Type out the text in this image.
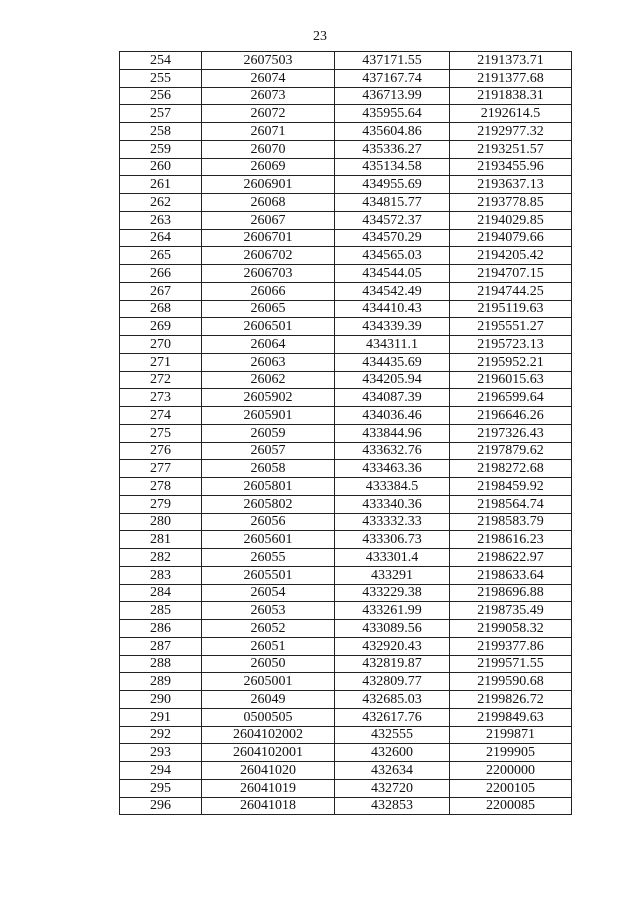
23
254	2607503	437171.55	2191373.71
255	26074	437167.74	2191377.68
256	26073	436713.99	2191838.31
257	26072	435955.64	2192614.5
258	26071	435604.86	2192977.32
259	26070	435336.27	2193251.57
260	26069	435134.58	2193455.96
261	2606901	434955.69	2193637.13
262	26068	434815.77	2193778.85
263	26067	434572.37	2194029.85
264	2606701	434570.29	2194079.66
265	2606702	434565.03	2194205.42
266	2606703	434544.05	2194707.15
267	26066	434542.49	2194744.25
268	26065	434410.43	2195119.63
269	2606501	434339.39	2195551.27
270	26064	434311.1	2195723.13
271	26063	434435.69	2195952.21
272	26062	434205.94	2196015.63
273	2605902	434087.39	2196599.64
274	2605901	434036.46	2196646.26
275	26059	433844.96	2197326.43
276	26057	433632.76	2197879.62
277	26058	433463.36	2198272.68
278	2605801	433384.5	2198459.92
279	2605802	433340.36	2198564.74
280	26056	433332.33	2198583.79
281	2605601	433306.73	2198616.23
282	26055	433301.4	2198622.97
283	2605501	433291	2198633.64
284	26054	433229.38	2198696.88
285	26053	433261.99	2198735.49
286	26052	433089.56	2199058.32
287	26051	432920.43	2199377.86
288	26050	432819.87	2199571.55
289	2605001	432809.77	2199590.68
290	26049	432685.03	2199826.72
291	0500505	432617.76	2199849.63
292	2604102002	432555	2199871
293	2604102001	432600	2199905
294	26041020	432634	2200000
295	26041019	432720	2200105
296	26041018	432853	2200085
